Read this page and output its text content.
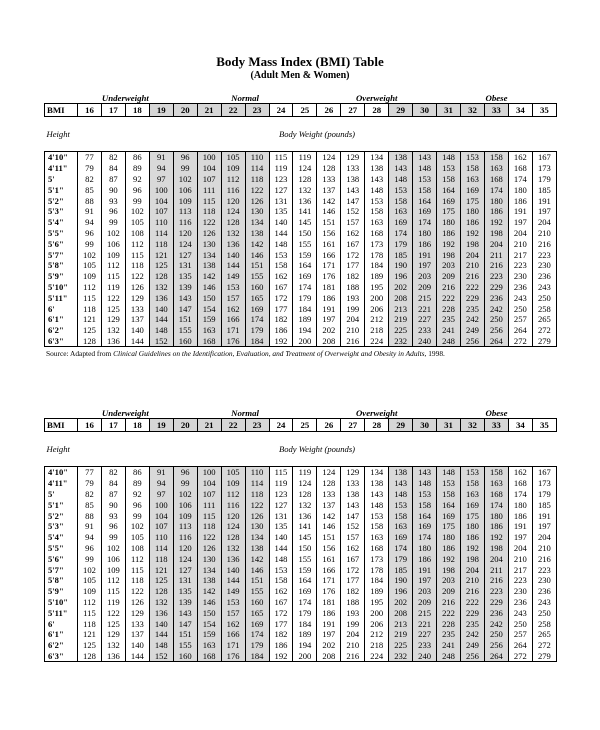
Body Mass Index (BMI) Table
(Adult Men & Women)
	Underweight				Normal						Overweight					Obese				
BMI	16	17	18	19	20	21	22	23	24	25	26	27	28	29	30	31	32	33	34	35
Height	Body Weight (pounds)																			
4'10"	77	82	86	91	96	100	105	110	115	119	124	129	134	138	143	148	153	158	162	167
4'11"	79	84	89	94	99	104	109	114	119	124	128	133	138	143	148	153	158	163	168	173
5'	82	87	92	97	102	107	112	118	123	128	133	138	143	148	153	158	163	168	174	179
5'1"	85	90	96	100	106	111	116	122	127	132	137	143	148	153	158	164	169	174	180	185
5'2"	88	93	99	104	109	115	120	126	131	136	142	147	153	158	164	169	175	180	186	191
5'3"	91	96	102	107	113	118	124	130	135	141	146	152	158	163	169	175	180	186	191	197
5'4"	94	99	105	110	116	122	128	134	140	145	151	157	163	169	174	180	186	192	197	204
5'5"	96	102	108	114	120	126	132	138	144	150	156	162	168	174	180	186	192	198	204	210
5'6"	99	106	112	118	124	130	136	142	148	155	161	167	173	179	186	192	198	204	210	216
5'7"	102	109	115	121	127	134	140	146	153	159	166	172	178	185	191	198	204	211	217	223
5'8"	105	112	118	125	131	138	144	151	158	164	171	177	184	190	197	203	210	216	223	230
5'9"	109	115	122	128	135	142	149	155	162	169	176	182	189	196	203	209	216	223	230	236
5'10"	112	119	126	132	139	146	153	160	167	174	181	188	195	202	209	216	222	229	236	243
5'11"	115	122	129	136	143	150	157	165	172	179	186	193	200	208	215	222	229	236	243	250
6'	118	125	133	140	147	154	162	169	177	184	191	199	206	213	221	228	235	242	250	258
6'1"	121	129	137	144	151	159	166	174	182	189	197	204	212	219	227	235	242	250	257	265
6'2"	125	132	140	148	155	163	171	179	186	194	202	210	218	225	233	241	249	256	264	272
6'3"	128	136	144	152	160	168	176	184	192	200	208	216	224	232	240	248	256	264	272	279
Source: Adapted from Clinical Guidelines on the Identification, Evaluation, and Treatment of Overweight and Obesity in Adults, 1998.
	Underweight				Normal						Overweight					Obese				
BMI	16	17	18	19	20	21	22	23	24	25	26	27	28	29	30	31	32	33	34	35
Height	Body Weight (pounds)																			
4'10"	77	82	86	91	96	100	105	110	115	119	124	129	134	138	143	148	153	158	162	167
4'11"	79	84	89	94	99	104	109	114	119	124	128	133	138	143	148	153	158	163	168	173
5'	82	87	92	97	102	107	112	118	123	128	133	138	143	148	153	158	163	168	174	179
5'1"	85	90	96	100	106	111	116	122	127	132	137	143	148	153	158	164	169	174	180	185
5'2"	88	93	99	104	109	115	120	126	131	136	142	147	153	158	164	169	175	180	186	191
5'3"	91	96	102	107	113	118	124	130	135	141	146	152	158	163	169	175	180	186	191	197
5'4"	94	99	105	110	116	122	128	134	140	145	151	157	163	169	174	180	186	192	197	204
5'5"	96	102	108	114	120	126	132	138	144	150	156	162	168	174	180	186	192	198	204	210
5'6"	99	106	112	118	124	130	136	142	148	155	161	167	173	179	186	192	198	204	210	216
5'7"	102	109	115	121	127	134	140	146	153	159	166	172	178	185	191	198	204	211	217	223
5'8"	105	112	118	125	131	138	144	151	158	164	171	177	184	190	197	203	210	216	223	230
5'9"	109	115	122	128	135	142	149	155	162	169	176	182	189	196	203	209	216	223	230	236
5'10"	112	119	126	132	139	146	153	160	167	174	181	188	195	202	209	216	222	229	236	243
5'11"	115	122	129	136	143	150	157	165	172	179	186	193	200	208	215	222	229	236	243	250
6'	118	125	133	140	147	154	162	169	177	184	191	199	206	213	221	228	235	242	250	258
6'1"	121	129	137	144	151	159	166	174	182	189	197	204	212	219	227	235	242	250	257	265
6'2"	125	132	140	148	155	163	171	179	186	194	202	210	218	225	233	241	249	256	264	272
6'3"	128	136	144	152	160	168	176	184	192	200	208	216	224	232	240	248	256	264	272	279
